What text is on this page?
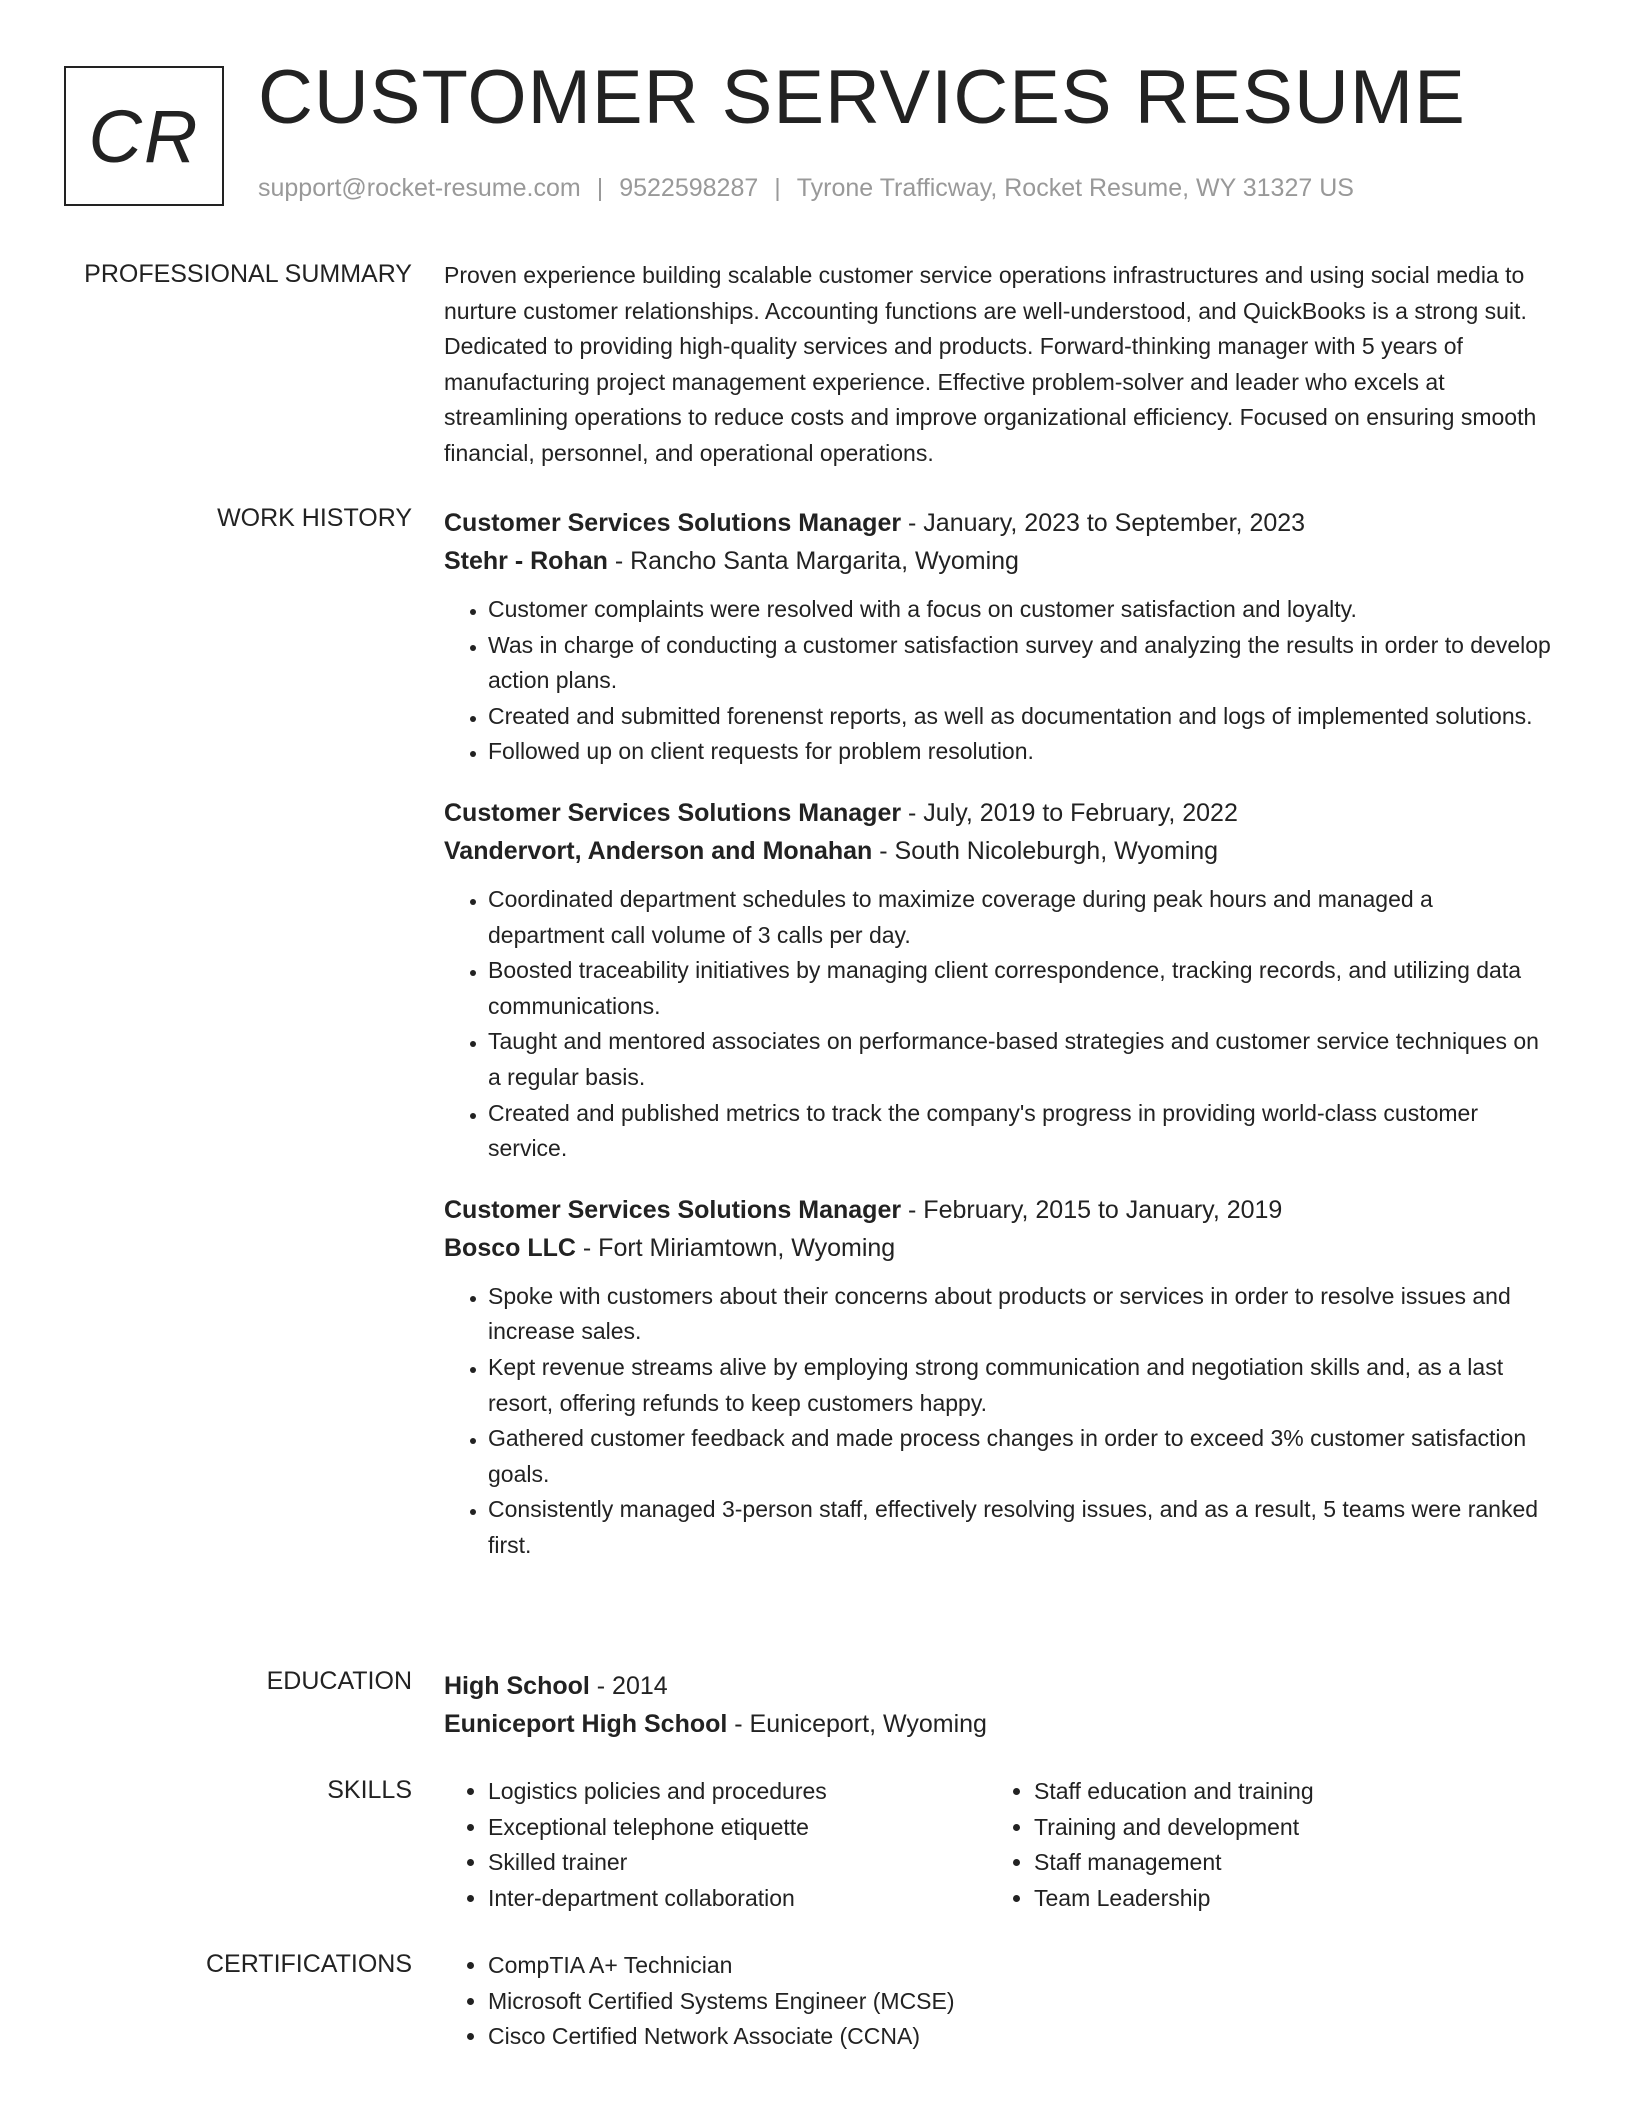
CR CUSTOMER SERVICES RESUME
support@rocket-resume.com | 9522598287 | Tyrone Trafficway, Rocket Resume, WY 31327 US
PROFESSIONAL SUMMARY Proven experience building scalable customer service operations infrastructures and using social media to nurture customer relationships. Accounting functions are well-understood, and QuickBooks is a strong suit. Dedicated to providing high-quality services and products. Forward-thinking manager with 5 years of manufacturing project management experience. Effective problem-solver and leader who excels at streamlining operations to reduce costs and improve organizational efficiency. Focused on ensuring smooth financial, personnel, and operational operations.

WORK HISTORY Customer Services Solutions Manager - January, 2023 to September, 2023
Stehr - Rohan - Rancho Santa Margarita, Wyoming
• Customer complaints were resolved with a focus on customer satisfaction and loyalty.
• Was in charge of conducting a customer satisfaction survey and analyzing the results in order to develop action plans.
• Created and submitted forenenst reports, as well as documentation and logs of implemented solutions.
• Followed up on client requests for problem resolution.
Customer Services Solutions Manager - July, 2019 to February, 2022
Vandervort, Anderson and Monahan - South Nicoleburgh, Wyoming
• Coordinated department schedules to maximize coverage during peak hours and managed a department call volume of 3 calls per day.
• Boosted traceability initiatives by managing client correspondence, tracking records, and utilizing data communications.
• Taught and mentored associates on performance-based strategies and customer service techniques on a regular basis.
• Created and published metrics to track the company's progress in providing world-class customer service.
Customer Services Solutions Manager - February, 2015 to January, 2019
Bosco LLC - Fort Miriamtown, Wyoming
• Spoke with customers about their concerns about products or services in order to resolve issues and increase sales.
• Kept revenue streams alive by employing strong communication and negotiation skills and, as a last resort, offering refunds to keep customers happy.
• Gathered customer feedback and made process changes in order to exceed 3% customer satisfaction goals.
• Consistently managed 3-person staff, effectively resolving issues, and as a result, 5 teams were ranked first.
EDUCATION High School - 2014
Euniceport High School - Euniceport, Wyoming
SKILLS	• Logistics policies and procedures
• Exceptional telephone etiquette
• Skilled trainer
• Inter-department collaboration
• Staff education and training
• Training and development
• Staff management
• Team Leadership
CERTIFICATIONS	• CompTIA A+ Technician
• Microsoft Certified Systems Engineer (MCSE)
• Cisco Certified Network Associate (CCNA)
